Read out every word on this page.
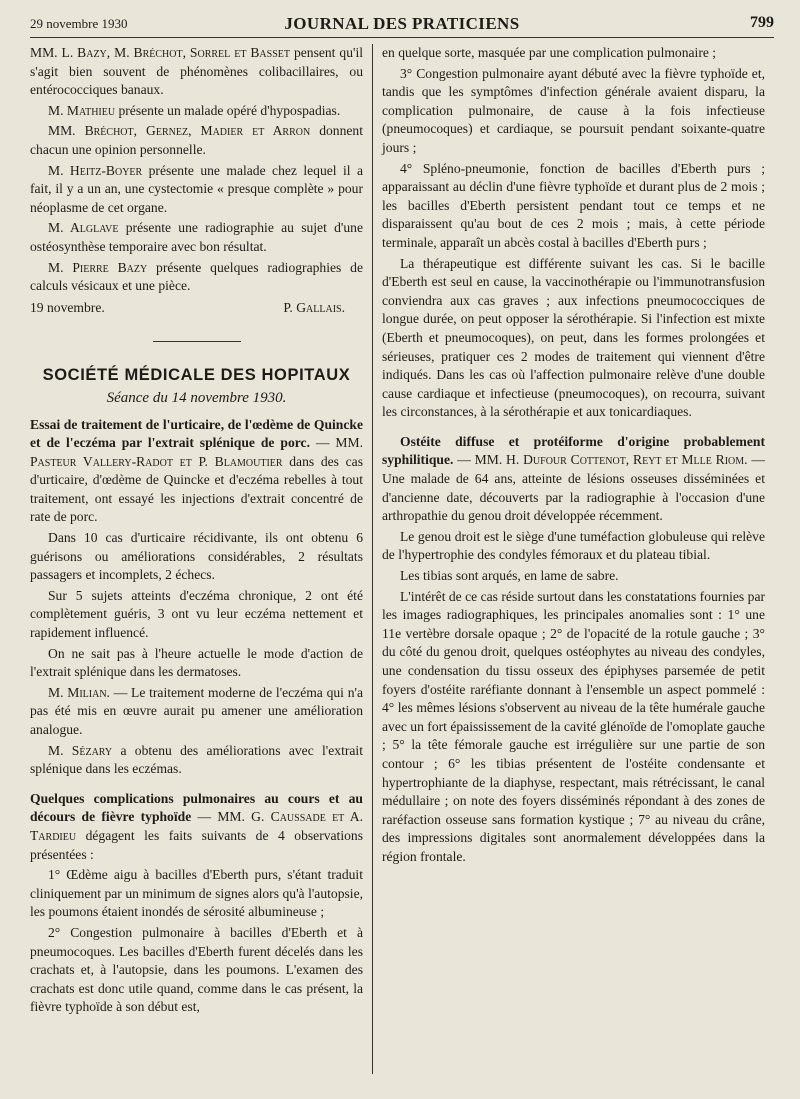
29 novembre 1930	JOURNAL DES PRATICIENS	799

MM. L. Bazy, M. Bréchot, Sorrel et Basset pensent qu'il s'agit bien souvent de phénomènes colibacillaires, ou entérococciques banaux.

M. Mathieu présente un malade opéré d'hypospadias.

MM. Bréchot, Gernez, Madier et Arron donnent chacun une opinion personnelle.

M. Heitz-Boyer présente une malade chez lequel il a fait, il y a un an, une cystectomie « presque complète » pour néoplasme de cet organe.

M. Alglave présente une radiographie au sujet d'une ostéosynthèse temporaire avec bon résultat.

M. Pierre Bazy présente quelques radiographies de calculs vésicaux et une pièce.

19 novembre.	P. Gallais.
SOCIÉTÉ MÉDICALE DES HOPITAUX
Séance du 14 novembre 1930.

Essai de traitement de l'urticaire, de l'œdème de Quincke et de l'eczéma par l'extrait splénique de porc. — MM. Pasteur Vallery-Radot et P. Blamoutier dans des cas d'urticaire, d'œdème de Quincke et d'eczéma rebelles à tout traitement, ont essayé les injections d'extrait concentré de rate de porc.

Dans 10 cas d'urticaire récidivante, ils ont obtenu 6 guérisons ou améliorations considérables, 2 résultats passagers et incomplets, 2 échecs.

Sur 5 sujets atteints d'eczéma chronique, 2 ont été complètement guéris, 3 ont vu leur eczéma nettement et rapidement influencé.

On ne sait pas à l'heure actuelle le mode d'action de l'extrait splénique dans les dermatoses.

M. Milian. — Le traitement moderne de l'eczéma qui n'a pas été mis en œuvre aurait pu amener une amélioration analogue.

M. Sézary a obtenu des améliorations avec l'extrait splénique dans les eczémas.

Quelques complications pulmonaires au cours et au décours de fièvre typhoïde — MM. G. Caussade et A. Tardieu dégagent les faits suivants de 4 observations présentées :

1° Œdème aigu à bacilles d'Eberth purs, s'étant traduit cliniquement par un minimum de signes alors qu'à l'autopsie, les poumons étaient inondés de sérosité albumineuse ;

2° Congestion pulmonaire à bacilles d'Eberth et à pneumocoques. Les bacilles d'Eberth furent décelés dans les crachats et, à l'autopsie, dans les poumons. L'examen des crachats est donc utile quand, comme dans le cas présent, la fièvre typhoïde à son début est,

en quelque sorte, masquée par une complication pulmonaire ;

3° Congestion pulmonaire ayant débuté avec la fièvre typhoïde et, tandis que les symptômes d'infection générale avaient disparu, la complication pulmonaire, de cause à la fois infectieuse (pneumocoques) et cardiaque, se poursuit pendant soixante-quatre jours ;

4° Spléno-pneumonie, fonction de bacilles d'Eberth purs ; apparaissant au déclin d'une fièvre typhoïde et durant plus de 2 mois ; les bacilles d'Eberth persistent pendant tout ce temps et ne disparaissent qu'au bout de ces 2 mois ; mais, à cette période terminale, apparaît un abcès costal à bacilles d'Eberth purs ;

La thérapeutique est différente suivant les cas. Si le bacille d'Eberth est seul en cause, la vaccinothérapie ou l'immunotransfusion conviendra aux cas graves ; aux infections pneumococciques de longue durée, on peut opposer la sérothérapie. Si l'infection est mixte (Eberth et pneumocoques), on peut, dans les formes prolongées et sérieuses, pratiquer ces 2 modes de traitement qui viennent d'être indiqués. Dans les cas où l'affection pulmonaire relève d'une double cause cardiaque et infectieuse (pneumocoques), on recourra, suivant les circonstances, à la sérothérapie et aux tonicardiaques.

Ostéite diffuse et protéiforme d'origine probablement syphilitique. — MM. H. Dufour Cottenot, Reyt et Mlle Riom. — Une malade de 64 ans, atteinte de lésions osseuses disséminées et d'ancienne date, découverts par la radiographie à l'occasion d'une arthropathie du genou droit développée récemment.

Le genou droit est le siège d'une tuméfaction globuleuse qui relève de l'hypertrophie des condyles fémoraux et du plateau tibial.

Les tibias sont arqués, en lame de sabre.

L'intérêt de ce cas réside surtout dans les constatations fournies par les images radiographiques, les principales anomalies sont : 1° une 11e vertèbre dorsale opaque ; 2° de l'opacité de la rotule gauche ; 3° du côté du genou droit, quelques ostéophytes au niveau des condyles, une condensation du tissu osseux des épiphyses parsemée de petit foyers d'ostéite raréfiante donnant à l'ensemble un aspect pommelé : 4° les mêmes lésions s'observent au niveau de la tête humérale gauche avec un fort épaississement de la cavité glénoïde de l'omoplate gauche ; 5° la tête fémorale gauche est irrégulière sur une partie de son contour ; 6° les tibias présentent de l'ostéite condensante et hypertrophiante de la diaphyse, respectant, mais rétrécissant, le canal médullaire ; on note des foyers disséminés répondant à des zones de raréfaction osseuse sans formation kystique ; 7° au niveau du crâne, des impressions digitales sont anormalement développées dans la région frontale.
